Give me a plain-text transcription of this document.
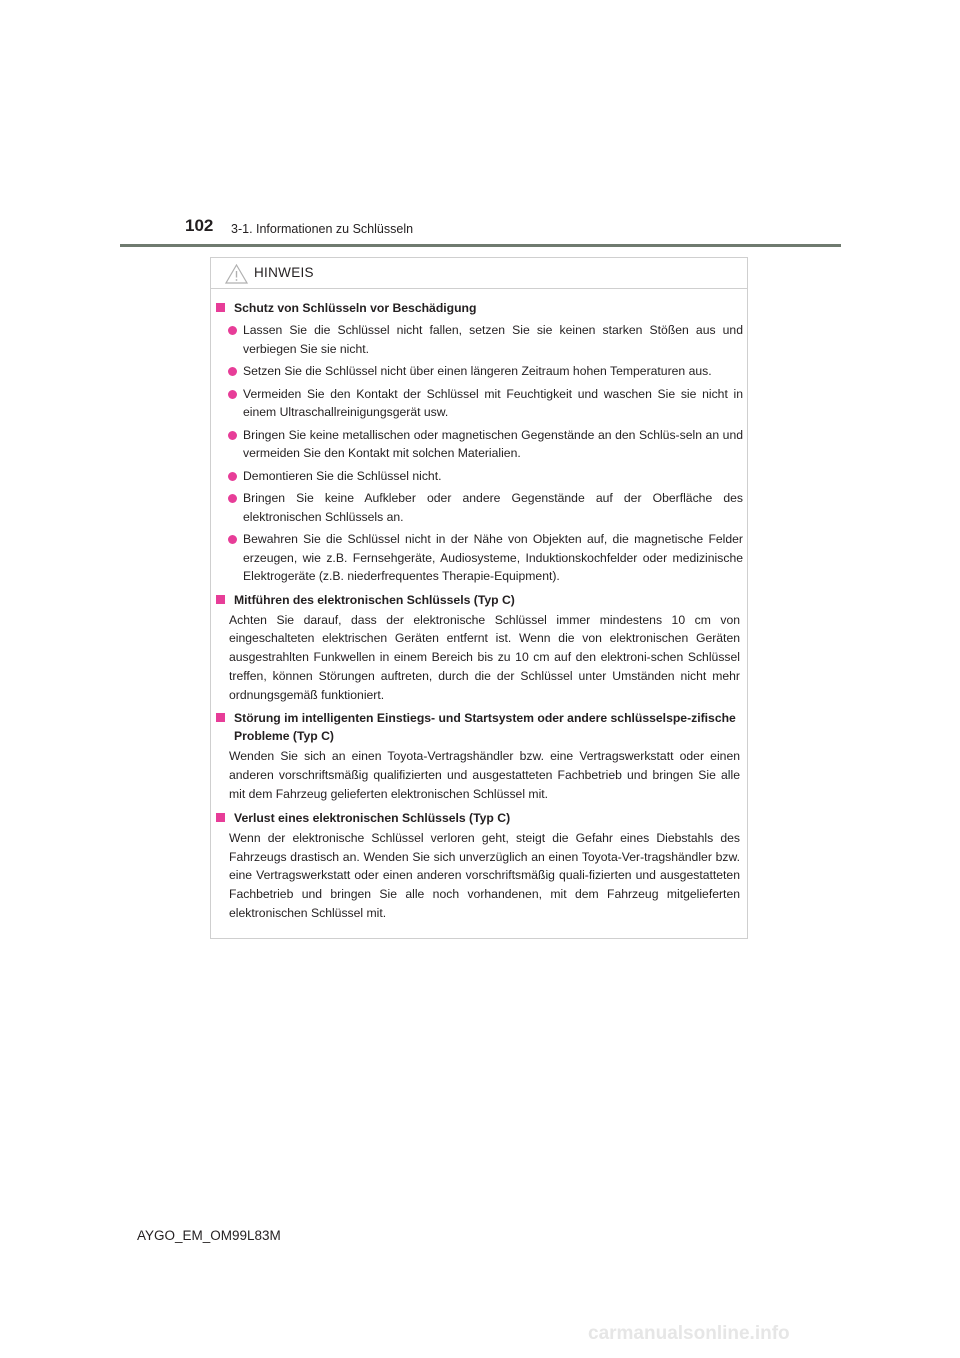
102 3-1. Informationen zu Schlüsseln
HINWEIS
Schutz von Schlüsseln vor Beschädigung
Lassen Sie die Schlüssel nicht fallen, setzen Sie sie keinen starken Stößen aus und verbiegen Sie sie nicht.
Setzen Sie die Schlüssel nicht über einen längeren Zeitraum hohen Temperaturen aus.
Vermeiden Sie den Kontakt der Schlüssel mit Feuchtigkeit und waschen Sie sie nicht in einem Ultraschallreinigungsgerät usw.
Bringen Sie keine metallischen oder magnetischen Gegenstände an den Schlüs-seln an und vermeiden Sie den Kontakt mit solchen Materialien.
Demontieren Sie die Schlüssel nicht.
Bringen Sie keine Aufkleber oder andere Gegenstände auf der Oberfläche des elektronischen Schlüssels an.
Bewahren Sie die Schlüssel nicht in der Nähe von Objekten auf, die magnetische Felder erzeugen, wie z.B. Fernsehgeräte, Audiosysteme, Induktionskochfelder oder medizinische Elektrogeräte (z.B. niederfrequentes Therapie-Equipment).
Mitführen des elektronischen Schlüssels (Typ C)
Achten Sie darauf, dass der elektronische Schlüssel immer mindestens 10 cm von eingeschalteten elektrischen Geräten entfernt ist. Wenn die von elektronischen Geräten ausgestrahlten Funkwellen in einem Bereich bis zu 10 cm auf den elektroni-schen Schlüssel treffen, können Störungen auftreten, durch die der Schlüssel unter Umständen nicht mehr ordnungsgemäß funktioniert.
Störung im intelligenten Einstiegs- und Startsystem oder andere schlüsselspe-zifische Probleme (Typ C)
Wenden Sie sich an einen Toyota-Vertragshändler bzw. eine Vertragswerkstatt oder einen anderen vorschriftsmäßig qualifizierten und ausgestatteten Fachbetrieb und bringen Sie alle mit dem Fahrzeug gelieferten elektronischen Schlüssel mit.
Verlust eines elektronischen Schlüssels (Typ C)
Wenn der elektronische Schlüssel verloren geht, steigt die Gefahr eines Diebstahls des Fahrzeugs drastisch an. Wenden Sie sich unverzüglich an einen Toyota-Ver-tragshändler bzw. eine Vertragswerkstatt oder einen anderen vorschriftsmäßig quali-fizierten und ausgestatteten Fachbetrieb und bringen Sie alle noch vorhandenen, mit dem Fahrzeug mitgelieferten elektronischen Schlüssel mit.
AYGO_EM_OM99L83M
carmanualsonline.info
